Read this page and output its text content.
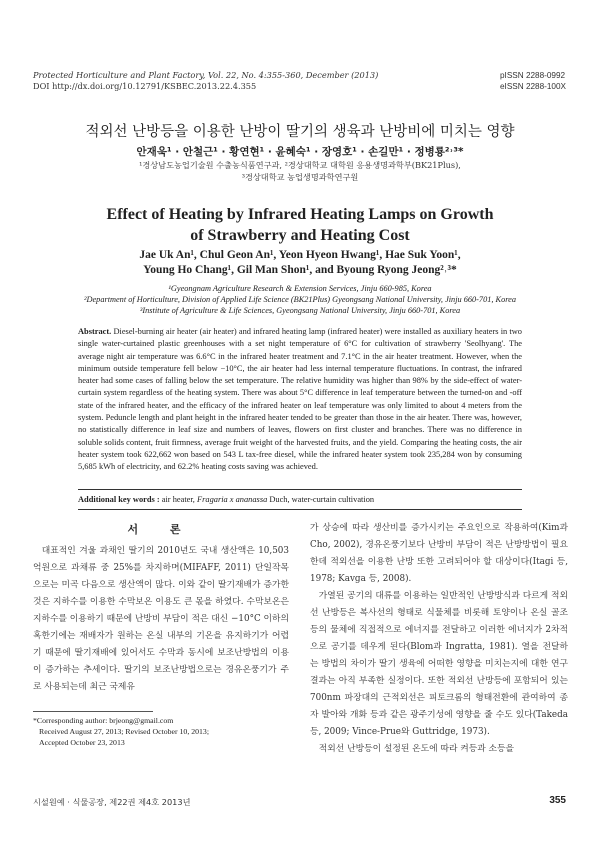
Protected Horticulture and Plant Factory, Vol. 22, No. 4:355-360, December (2013)
DOI http://dx.doi.org/10.12791/KSBEC.2013.22.4.355
pISSN 2288-0992
eISSN 2288-100X
적외선 난방등을 이용한 난방이 딸기의 생육과 난방비에 미치는 영향
안재욱¹ · 안철근¹ · 황연현¹ · 윤혜숙¹ · 장영호¹ · 손길만¹ · 정병룡²˒³*
¹경상남도농업기술원 수출농식품연구과, ²경상대학교 대학원 응용생명과학부(BK21Plus),
³경상대학교 농업생명과학연구원
Effect of Heating by Infrared Heating Lamps on Growth
of Strawberry and Heating Cost
Jae Uk An¹, Chul Geon An¹, Yeon Hyeon Hwang¹, Hae Suk Yoon¹,
Young Ho Chang¹, Gil Man Shon¹, and Byoung Ryong Jeong²˒³*
¹Gyeongnam Agriculture Research & Extension Services, Jinju 660-985, Korea
²Department of Horticulture, Division of Applied Life Science (BK21Plus) Gyeongsang National University, Jinju 660-701, Korea
³Institute of Agriculture & Life Sciences, Gyeongsang National University, Jinju 660-701, Korea
Abstract. Diesel-burning air heater (air heater) and infrared heating lamp (infrared heater) were installed as auxiliary heaters in two single water-curtained plastic greenhouses with a set night temperature of 6°C for cultivation of strawberry 'Seolhyang'. The average night air temperature was 6.6°C in the infrared heater treatment and 7.1°C in the air heater treatment. However, when the minimum outside temperature fell below −10°C, the air heater had less internal temperature fluctuations. In contrast, the infrared heater had some cases of falling below the set temperature. The relative humidity was higher than 98% by the side-effect of water-curtain system regardless of the heating system. There was about 5°C difference in leaf temperature between the turned-on and -off state of the infrared heater, and the efficacy of the infrared heater on leaf temperature was only limited to about 4 meters from the system. Peduncle length and plant height in the infrared heater tended to be greater than those in the air heater. There was, however, no statistically difference in leaf size and numbers of leaves, flowers on first cluster and branches. There was no difference in soluble solids content, fruit firmness, average fruit weight of the harvested fruits, and the yield. Comparing the heating costs, the air heater system took 622,662 won based on 543 L tax-free diesel, while the infrared heater system took 235,284 won by consuming 5,685 kWh of electricity, and 62.2% heating costs saving was achieved.
Additional key words : air heater, Fragaria x ananassa Duch, water-curtain cultivation
서 론

대표적인 겨울 과채인 딸기의 2010년도 국내 생산액은 10,503억원으로 과채류 중 25%를 차지하며(MIFAFF, 2011) 단일작목으로는 미곡 다음으로 생산액이 많다. 이와 같이 딸기재배가 증가한 것은 지하수를 이용한 수막보온 이용도 큰 몫을 하였다. 수막보온은 지하수를 이용하기 때문에 난방비 부담이 적은 대신 −10°C 이하의 혹한기에는 재배자가 원하는 온실 내부의 기온을 유지하기가 어렵기 때문에 딸기재배에 있어서도 수막과 동시에 보조난방법의 이용이 증가하는 추세이다. 딸기의 보조난방법으로는 경유온풍기가 주로 사용되는데 최근 국제유

가 상승에 따라 생산비를 증가시키는 주요인으로 작용하여(Kim과 Cho, 2002), 경유온풍기보다 난방비 부담이 적은 난방방법이 필요한데 적외선을 이용한 난방 또한 고려되어야 할 대상이다(Itagi 등, 1978; Kavga 등, 2008).

가열된 공기의 대류를 이용하는 일반적인 난방방식과 다르게 적외선 난방등은 복사선의 형태로 식물체를 비롯해 토양이나 온실 골조 등의 물체에 직접적으로 에너지를 전달하고 이러한 에너지가 2차적으로 공기를 데우게 된다(Blom과 Ingratta, 1981). 열을 전달하는 방법의 차이가 딸기 생육에 어떠한 영향을 미치는지에 대한 연구결과는 아직 부족한 실정이다. 또한 적외선 난방등에 포함되어 있는 700nm 파장대의 근적외선은 피토크롬의 형태전환에 관여하여 종자 발아와 개화 등과 같은 광주기성에 영향을 줄 수도 있다(Takeda 등, 2009; Vince-Prue와 Guttridge, 1973).

적외선 난방등이 설정된 온도에 따라 켜등과 소등을

*Corresponding author: brjeong@gmail.com
Received August 27, 2013; Revised October 10, 2013;
Accepted October 23, 2013
시설원예 · 식물공장, 제22권 제4호 2013년	355
